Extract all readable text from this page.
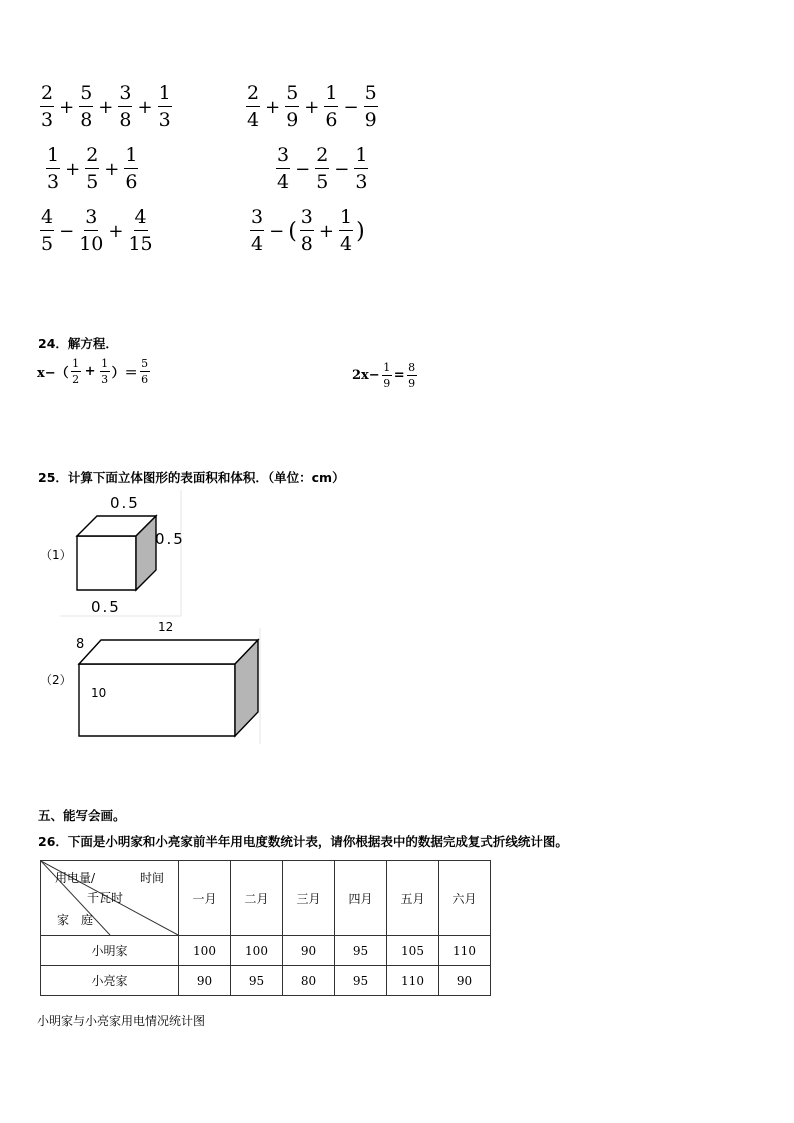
$\frac{2}{3} + \frac{5}{8} + \frac{3}{8} + \frac{1}{3}$	$\frac{2}{4} + \frac{5}{9} + \frac{1}{6} - \frac{5}{9}$
$\frac{1}{3} + \frac{2}{5} + \frac{1}{6}$	$\frac{3}{4} - \frac{2}{5} - \frac{1}{3}$
$\frac{4}{5} - \frac{3}{10} + \frac{4}{15}$	$\frac{3}{4}$ − ( $\frac{3}{8} + \frac{1}{4}$ )
24．解方程．
$x-( \frac{1}{2} + \frac{1}{3}$ ）＝ $\frac{5}{6}$	$2x- \frac{1}{9} = \frac{8}{9}$
25．计算下面立体图形的表面积和体积．（单位：cm）
（1）
0.5
0.5
0.5
（2）
8
12
10
五、能写会画。
26．下面是小明家和小亮家前半年用电度数统计表，请你根据表中的数据完成复式折线统计图。
时间
用电量/
千瓦时
家　庭	一月	二月	三月	四月	五月	六月
小明家	100	100	90	95	105	110
小亮家	90	95	80	95	110	90
小明家与小亮家用电情况统计图
